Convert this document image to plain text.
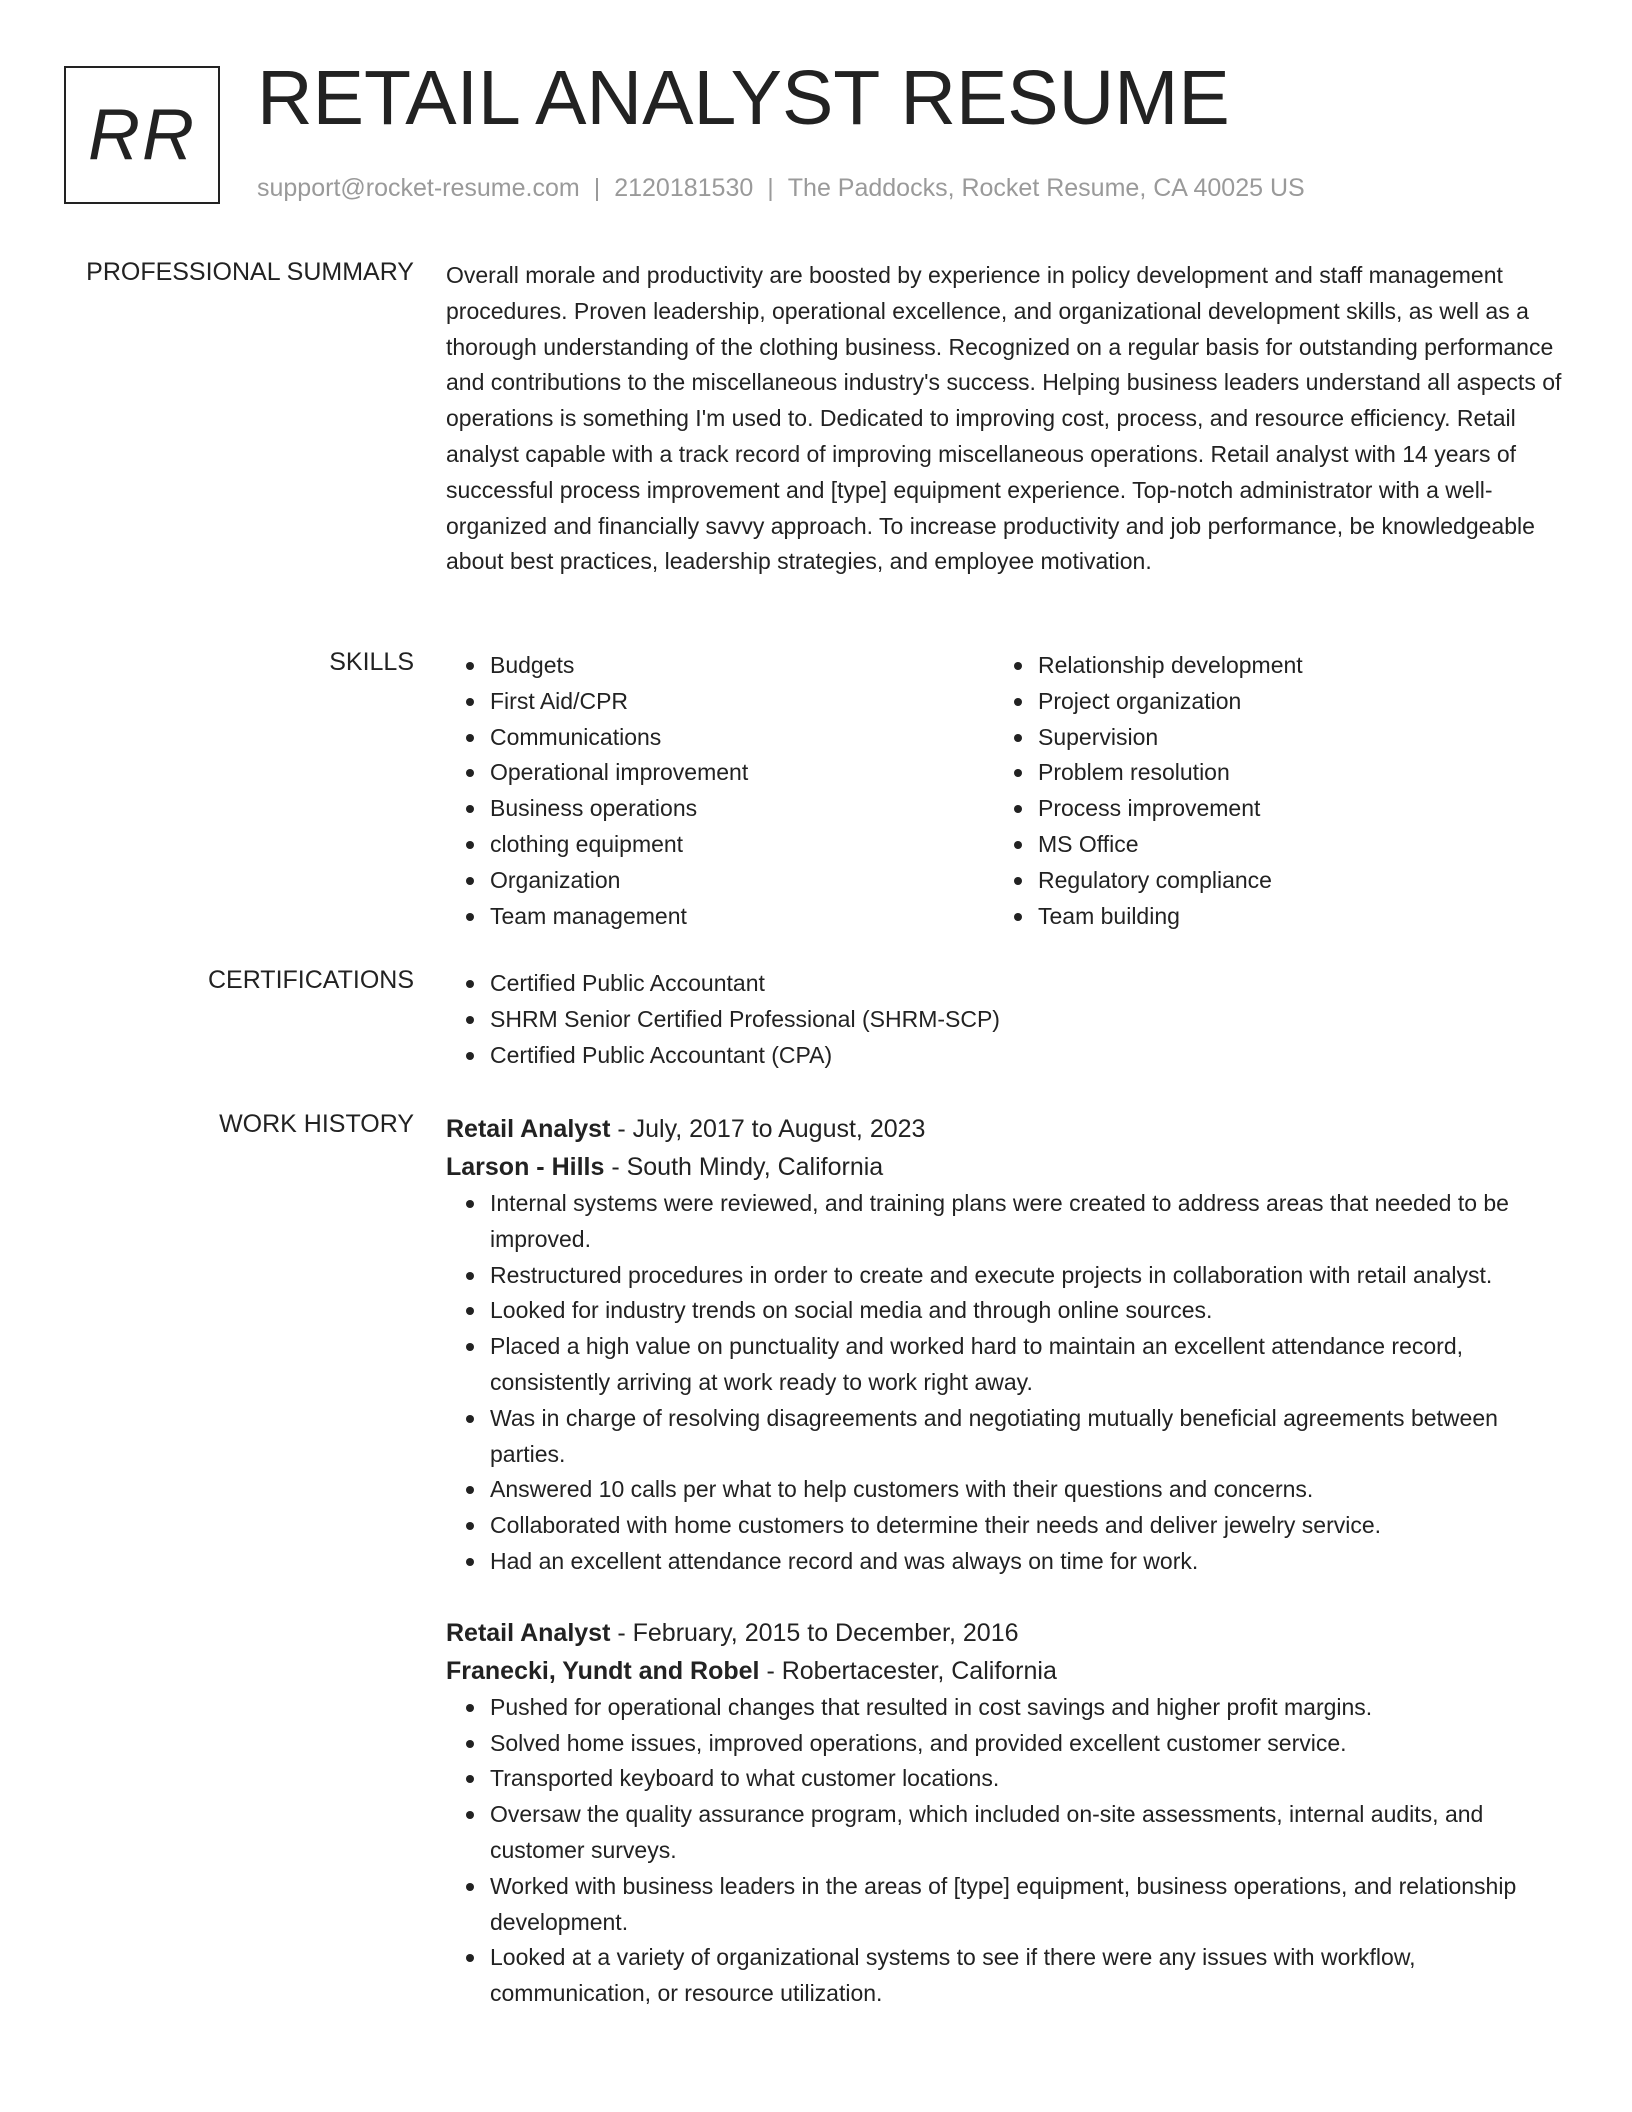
RR RETAIL ANALYST RESUME
support@rocket-resume.com | 2120181530 | The Paddocks, Rocket Resume, CA 40025 US
PROFESSIONAL SUMMARY Overall morale and productivity are boosted by experience in policy development and staff management procedures. Proven leadership, operational excellence, and organizational development skills, as well as a thorough understanding of the clothing business. Recognized on a regular basis for outstanding performance and contributions to the miscellaneous industry's success. Helping business leaders understand all aspects of operations is something I'm used to. Dedicated to improving cost, process, and resource efficiency. Retail analyst capable with a track record of improving miscellaneous operations. Retail analyst with 14 years of successful process improvement and [type] equipment experience. Top-notch administrator with a well-organized and financially savvy approach. To increase productivity and job performance, be knowledgeable about best practices, leadership strategies, and employee motivation.
SKILLS	Budgets
First Aid/CPR
Communications
Operational improvement
Business operations
clothing equipment
Organization
Team management
Relationship development
Project organization
Supervision
Problem resolution
Process improvement
MS Office
Regulatory compliance
Team building
CERTIFICATIONS	Certified Public Accountant
SHRM Senior Certified Professional (SHRM-SCP)
Certified Public Accountant (CPA)
WORK HISTORY Retail Analyst - July, 2017 to August, 2023
Larson - Hills - South Mindy, California
Internal systems were reviewed, and training plans were created to address areas that needed to be improved.
Restructured procedures in order to create and execute projects in collaboration with retail analyst.
Looked for industry trends on social media and through online sources.
Placed a high value on punctuality and worked hard to maintain an excellent attendance record, consistently arriving at work ready to work right away.
Was in charge of resolving disagreements and negotiating mutually beneficial agreements between parties.
Answered 10 calls per what to help customers with their questions and concerns.
Collaborated with home customers to determine their needs and deliver jewelry service.
Had an excellent attendance record and was always on time for work.
Retail Analyst - February, 2015 to December, 2016
Franecki, Yundt and Robel - Robertacester, California
Pushed for operational changes that resulted in cost savings and higher profit margins.
Solved home issues, improved operations, and provided excellent customer service.
Transported keyboard to what customer locations.
Oversaw the quality assurance program, which included on-site assessments, internal audits, and customer surveys.
Worked with business leaders in the areas of [type] equipment, business operations, and relationship development.
Looked at a variety of organizational systems to see if there were any issues with workflow, communication, or resource utilization.
